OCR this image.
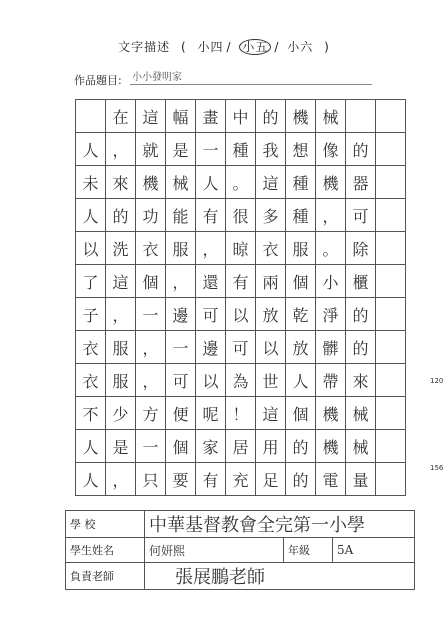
文字描述 ( 小四 / 小五 / 小六 )
作品題目: 小小發明家
在 這 幅 畫 中 的 機 械
人 ， 就 是 一 種 我 想 像 的
未 來 機 械 人 。 這 種 機 器
人 的 功 能 有 很 多 種 ， 可
以 洗 衣 服 ， 晾 衣 服 。 除
了 這 個 ， 還 有 兩 個 小 櫃
子 ， 一 邊 可 以 放 乾 淨 的
衣 服 ， 一 邊 可 以 放 髒 的
衣 服 ， 可 以 為 世 人 帶 來
不 少 方 便 呢 ！ 這 個 機 械
人 是 一 個 家 居 用 的 機 械
人 ， 只 要 有 充 足 的 電 量
120
156
學 校	中華基督教會全完第一小學		
學生姓名	何妍熙	年級	5A
負責老師	張展鵬老師		
